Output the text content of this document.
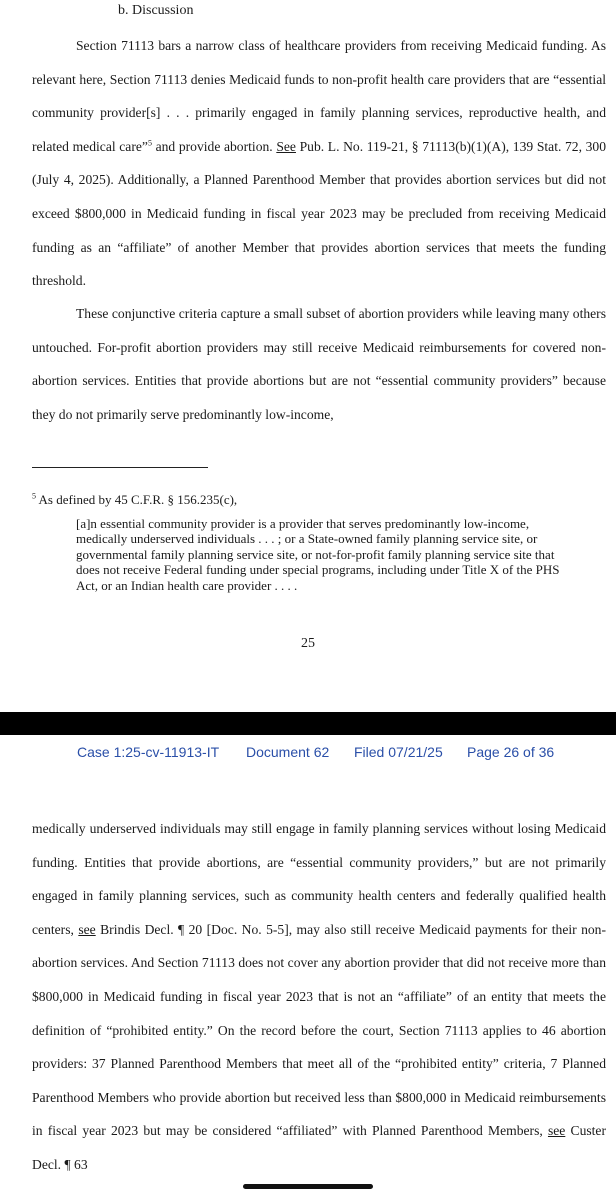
b. Discussion

Section 71113 bars a narrow class of healthcare providers from receiving Medicaid funding. As relevant here, Section 71113 denies Medicaid funds to non-profit health care providers that are “essential community provider[s] . . . primarily engaged in family planning services, reproductive health, and related medical care”$^5$ and provide abortion. See Pub. L. No. 119-21, § 71113(b)(1)(A), 139 Stat. 72, 300 (July 4, 2025). Additionally, a Planned Parenthood Member that provides abortion services but did not exceed $800,000 in Medicaid funding in fiscal year 2023 may be precluded from receiving Medicaid funding as an “affiliate” of another Member that provides abortion services that meets the funding threshold.

These conjunctive criteria capture a small subset of abortion providers while leaving many others untouched. For-profit abortion providers may still receive Medicaid reimbursements for covered non-abortion services. Entities that provide abortions but are not “essential community providers” because they do not primarily serve predominantly low-income,

$^5$ As defined by 45 C.F.R. § 156.235(c),

[a]n essential community provider is a provider that serves predominantly low-income, medically underserved individuals . . . ; or a State-owned family planning service site, or governmental family planning service site, or not-for-profit family planning service site that does not receive Federal funding under special programs, including under Title X of the PHS Act, or an Indian health care provider . . . .

25
Case 1:25-cv-11913-IT Document 62 Filed 07/21/25 Page 26 of 36

medically underserved individuals may still engage in family planning services without losing Medicaid funding. Entities that provide abortions, are “essential community providers,” but are not primarily engaged in family planning services, such as community health centers and federally qualified health centers, see Brindis Decl. ¶ 20 [Doc. No. 5-5], may also still receive Medicaid payments for their non-abortion services. And Section 71113 does not cover any abortion provider that did not receive more than $800,000 in Medicaid funding in fiscal year 2023 that is not an “affiliate” of an entity that meets the definition of “prohibited entity.” On the record before the court, Section 71113 applies to 46 abortion providers: 37 Planned Parenthood Members that meet all of the “prohibited entity” criteria, 7 Planned Parenthood Members who provide abortion but received less than $800,000 in Medicaid reimbursements in fiscal year 2023 but may be considered “affiliated” with Planned Parenthood Members, see Custer Decl. ¶ 63
